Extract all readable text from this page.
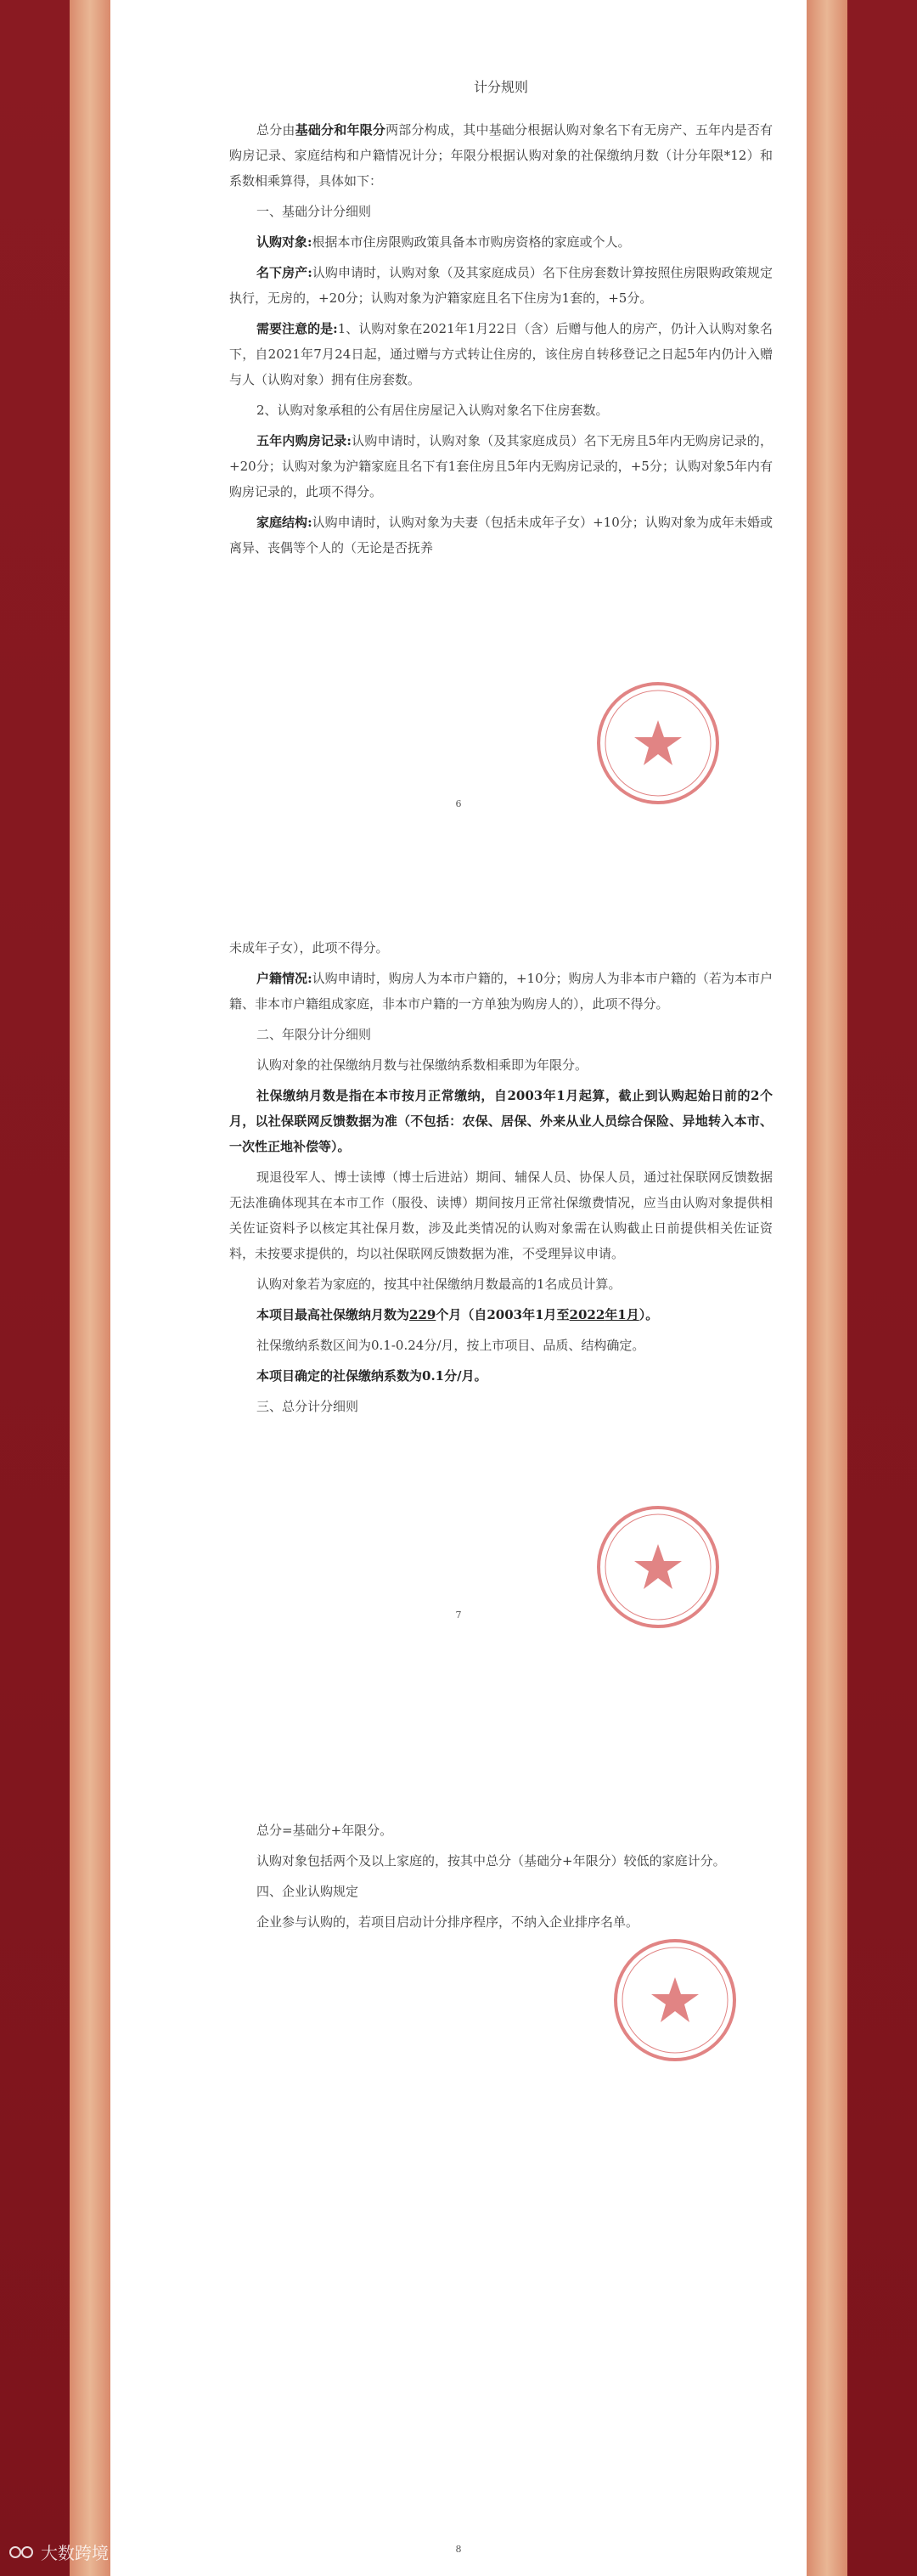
计分规则

总分由基础分和年限分两部分构成，其中基础分根据认购对象名下有无房产、五年内是否有购房记录、家庭结构和户籍情况计分；年限分根据认购对象的社保缴纳月数（计分年限*12）和系数相乘算得，具体如下：

一、基础分计分细则

认购对象:根据本市住房限购政策具备本市购房资格的家庭或个人。

名下房产:认购申请时，认购对象（及其家庭成员）名下住房套数计算按照住房限购政策规定执行，无房的，+20分；认购对象为沪籍家庭且名下住房为1套的，+5分。

需要注意的是:1、认购对象在2021年1月22日（含）后赠与他人的房产，仍计入认购对象名下，自2021年7月24日起，通过赠与方式转让住房的，该住房自转移登记之日起5年内仍计入赠与人（认购对象）拥有住房套数。

2、认购对象承租的公有居住房屋记入认购对象名下住房套数。

五年内购房记录:认购申请时，认购对象（及其家庭成员）名下无房且5年内无购房记录的，+20分；认购对象为沪籍家庭且名下有1套住房且5年内无购房记录的，+5分；认购对象5年内有购房记录的，此项不得分。

家庭结构:认购申请时，认购对象为夫妻（包括未成年子女）+10分；认购对象为成年未婚或离异、丧偶等个人的（无论是否抚养

6

未成年子女），此项不得分。

户籍情况:认购申请时，购房人为本市户籍的，+10分；购房人为非本市户籍的（若为本市户籍、非本市户籍组成家庭，非本市户籍的一方单独为购房人的），此项不得分。

二、年限分计分细则

认购对象的社保缴纳月数与社保缴纳系数相乘即为年限分。

社保缴纳月数是指在本市按月正常缴纳，自2003年1月起算，截止到认购起始日前的2个月，以社保联网反馈数据为准（不包括：农保、居保、外来从业人员综合保险、异地转入本市、一次性正地补偿等）。

现退役军人、博士读博（博士后进站）期间、辅保人员、协保人员，通过社保联网反馈数据无法准确体现其在本市工作（服役、读博）期间按月正常社保缴费情况，应当由认购对象提供相关佐证资料予以核定其社保月数，涉及此类情况的认购对象需在认购截止日前提供相关佐证资料，未按要求提供的，均以社保联网反馈数据为准，不受理异议申请。

认购对象若为家庭的，按其中社保缴纳月数最高的1名成员计算。

本项目最高社保缴纳月数为229个月（自2003年1月至2022年1月）。

社保缴纳系数区间为0.1-0.24分/月，按上市项目、品质、结构确定。

本项目确定的社保缴纳系数为0.1分/月。

三、总分计分细则

7

总分=基础分+年限分。

认购对象包括两个及以上家庭的，按其中总分（基础分+年限分）较低的家庭计分。

四、企业认购规定

企业参与认购的，若项目启动计分排序程序，不纳入企业排序名单。

8
大数跨境
